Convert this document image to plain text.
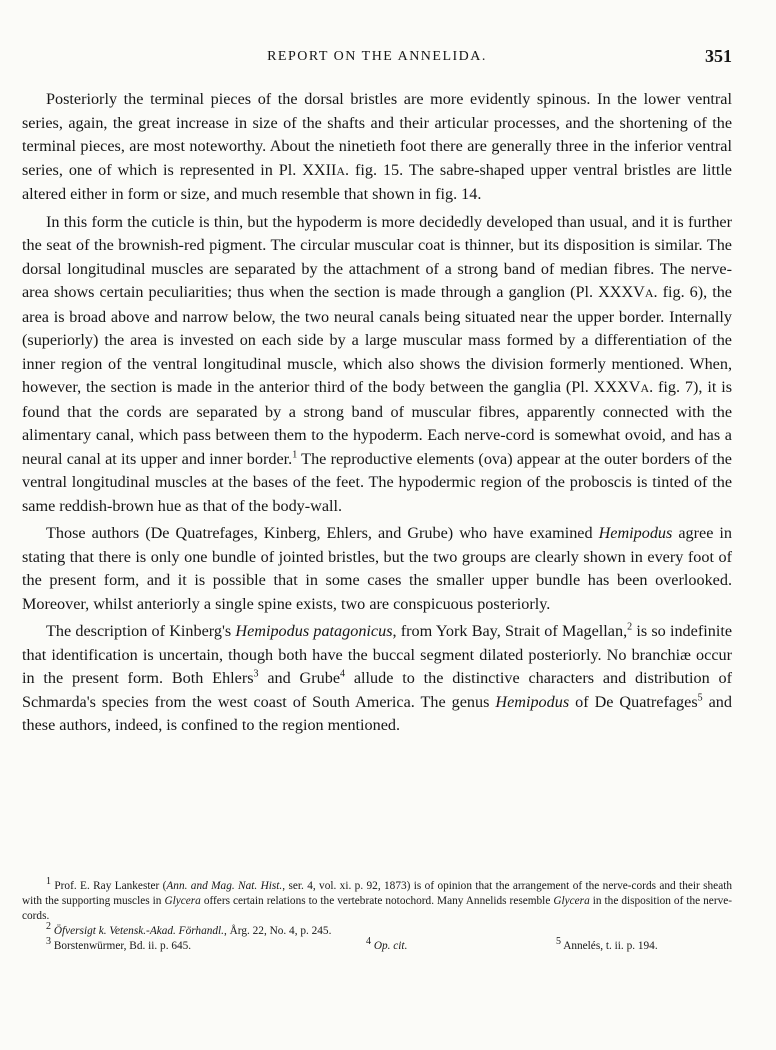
REPORT ON THE ANNELIDA.	351

Posteriorly the terminal pieces of the dorsal bristles are more evidently spinous. In the lower ventral series, again, the great increase in size of the shafts and their articular processes, and the shortening of the terminal pieces, are most noteworthy. About the ninetieth foot there are generally three in the inferior ventral series, one of which is represented in Pl. XXIIA. fig. 15. The sabre-shaped upper ventral bristles are little altered either in form or size, and much resemble that shown in fig. 14.

In this form the cuticle is thin, but the hypoderm is more decidedly developed than usual, and it is further the seat of the brownish-red pigment. The circular muscular coat is thinner, but its disposition is similar. The dorsal longitudinal muscles are separated by the attachment of a strong band of median fibres. The nerve-area shows certain peculiarities; thus when the section is made through a ganglion (Pl. XXXVA. fig. 6), the area is broad above and narrow below, the two neural canals being situated near the upper border. Internally (superiorly) the area is invested on each side by a large muscular mass formed by a differentiation of the inner region of the ventral longitudinal muscle, which also shows the division formerly mentioned. When, however, the section is made in the anterior third of the body between the ganglia (Pl. XXXVA. fig. 7), it is found that the cords are separated by a strong band of muscular fibres, apparently connected with the alimentary canal, which pass between them to the hypoderm. Each nerve-cord is somewhat ovoid, and has a neural canal at its upper and inner border.$^1$ The reproductive elements (ova) appear at the outer borders of the ventral longitudinal muscles at the bases of the feet. The hypodermic region of the proboscis is tinted of the same reddish-brown hue as that of the body-wall.

Those authors (De Quatrefages, Kinberg, Ehlers, and Grube) who have examined Hemipodus agree in stating that there is only one bundle of jointed bristles, but the two groups are clearly shown in every foot of the present form, and it is possible that in some cases the smaller upper bundle has been overlooked. Moreover, whilst anteriorly a single spine exists, two are conspicuous posteriorly.

The description of Kinberg's Hemipodus patagonicus, from York Bay, Strait of Magellan,$^2$ is so indefinite that identification is uncertain, though both have the buccal segment dilated posteriorly. No branchiæ occur in the present form. Both Ehlers$^3$ and Grube$^4$ allude to the distinctive characters and distribution of Schmarda's species from the west coast of South America. The genus Hemipodus of De Quatrefages$^5$ and these authors, indeed, is confined to the region mentioned.

$^1$ Prof. E. Ray Lankester (Ann. and Mag. Nat. Hist., ser. 4, vol. xi. p. 92, 1873) is of opinion that the arrangement of the nerve-cords and their sheath with the supporting muscles in Glycera offers certain relations to the vertebrate notochord. Many Annelids resemble Glycera in the disposition of the nerve-cords.

$^2$ Öfversigt k. Vetensk.-Akad. Förhandl., Årg. 22, No. 4, p. 245.

$^3$ Borstenwürmer, Bd. ii. p. 645.	$^4$ Op. cit.	$^5$ Annelés, t. ii. p. 194.
